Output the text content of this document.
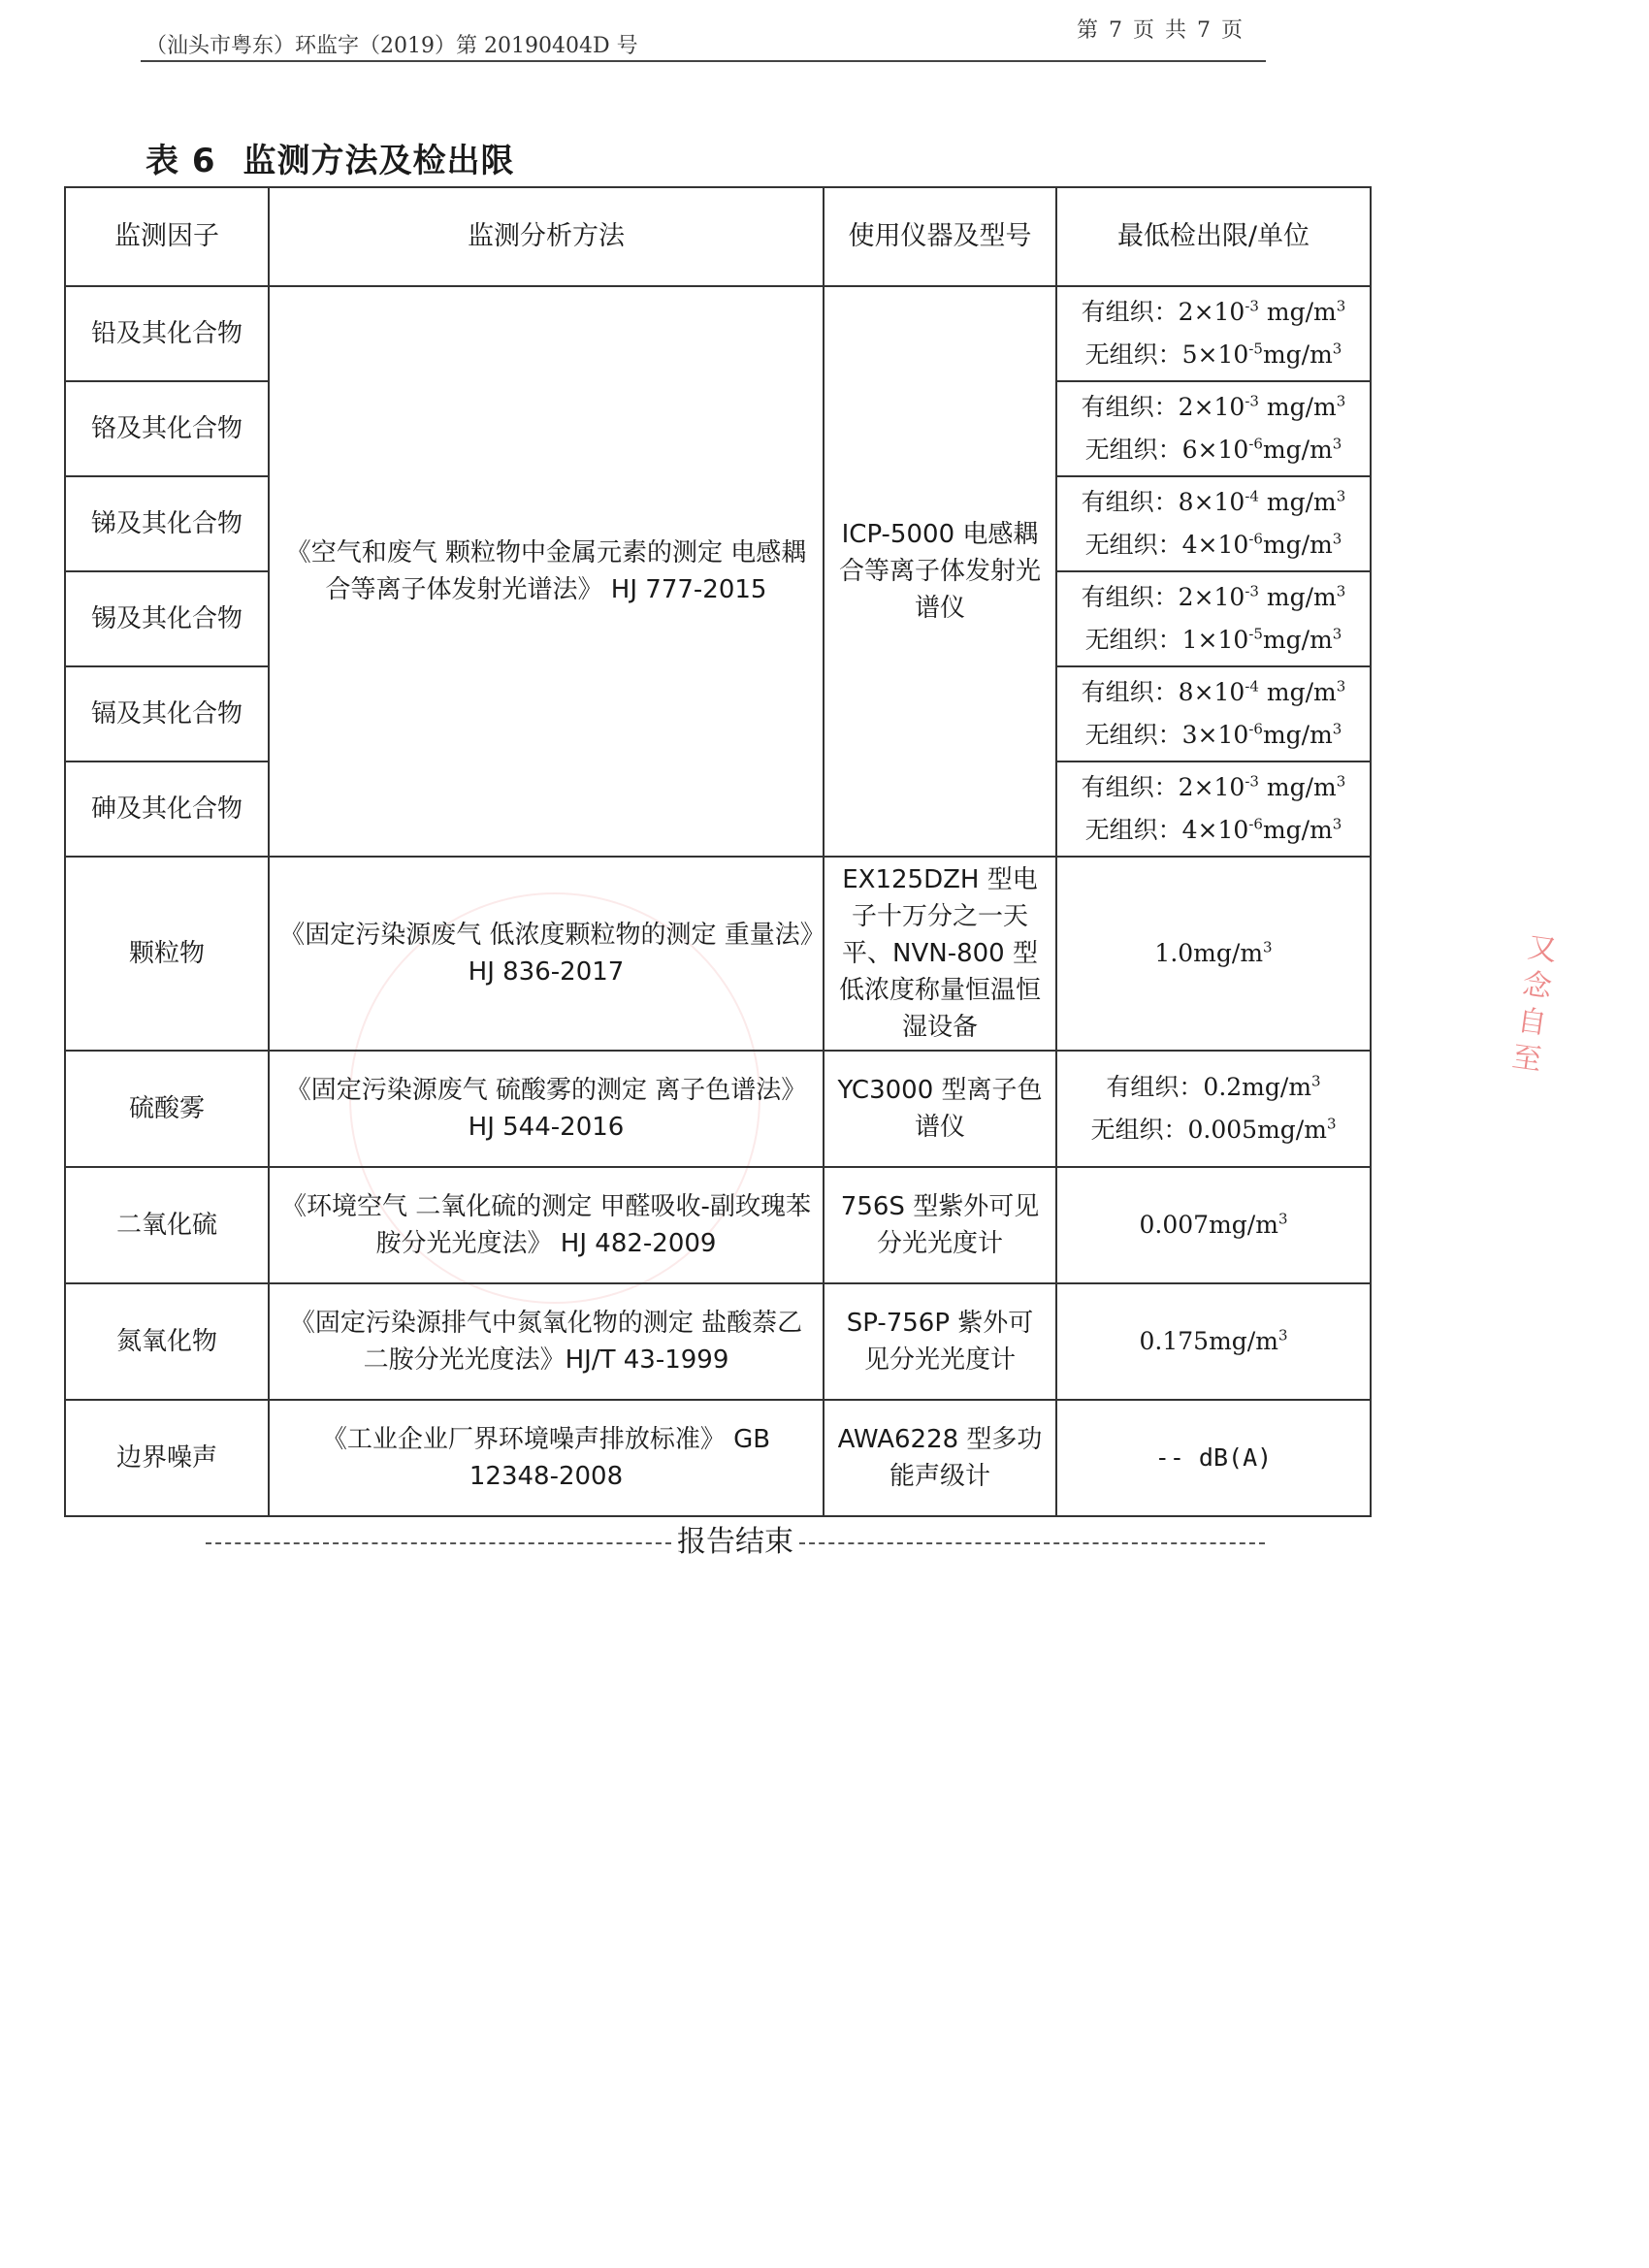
（汕头市粤东）环监字（2019）第 20190404D 号
第 7 页 共 7 页
表 6 监测方法及检出限
监测因子	监测分析方法	使用仪器及型号	最低检出限/单位
铅及其化合物	《空气和废气 颗粒物中金属元素的测定 电感耦合等离子体发射光谱法》 HJ 777-2015	ICP-5000 电感耦合等离子体发射光谱仪	有组织：$2\times 10^{-3}$ $mg/m^3$
无组织：$5\times 10^{-5}mg/m^3$

铬及其化合物			有组织：$2\times 10^{-3}$ $mg/m^3$
无组织：$6\times 10^{-6}mg/m^3$

锑及其化合物			有组织：$8\times 10^{-4}$ $mg/m^3$
无组织：$4\times 10^{-6}mg/m^3$

锡及其化合物			有组织：$2\times 10^{-3}$ $mg/m^3$
无组织：$1\times 10^{-5}mg/m^3$

镉及其化合物			有组织：$8\times 10^{-4}$ $mg/m^3$
无组织：$3\times 10^{-6}mg/m^3$

砷及其化合物			有组织：$2\times 10^{-3}$ $mg/m^3$
无组织：$4\times 10^{-6}mg/m^3$

颗粒物	《固定污染源废气 低浓度颗粒物的测定 重量法》HJ 836-2017	EX125DZH 型电子十万分之一天平、NVN-800 型低浓度称量恒温恒湿设备	$1.0mg/m^3$
硫酸雾	《固定污染源废气 硫酸雾的测定 离子色谱法》HJ 544-2016	YC3000 型离子色谱仪	有组织：$0.2mg/m^3$
无组织：$0.005mg/m^3$

二氧化硫	《环境空气 二氧化硫的测定 甲醛吸收-副玫瑰苯胺分光光度法》 HJ 482-2009	756S 型紫外可见分光光度计	$0.007mg/m^3$
氮氧化物	《固定污染源排气中氮氧化物的测定 盐酸萘乙二胺分光光度法》HJ/T 43-1999	SP-756P 紫外可见分光光度计	$0.175mg/m^3$
边界噪声	《工业企业厂界环境噪声排放标准》 GB 12348-2008	AWA6228 型多功能声级计	-- dB(A)
报告结束
又念自至
